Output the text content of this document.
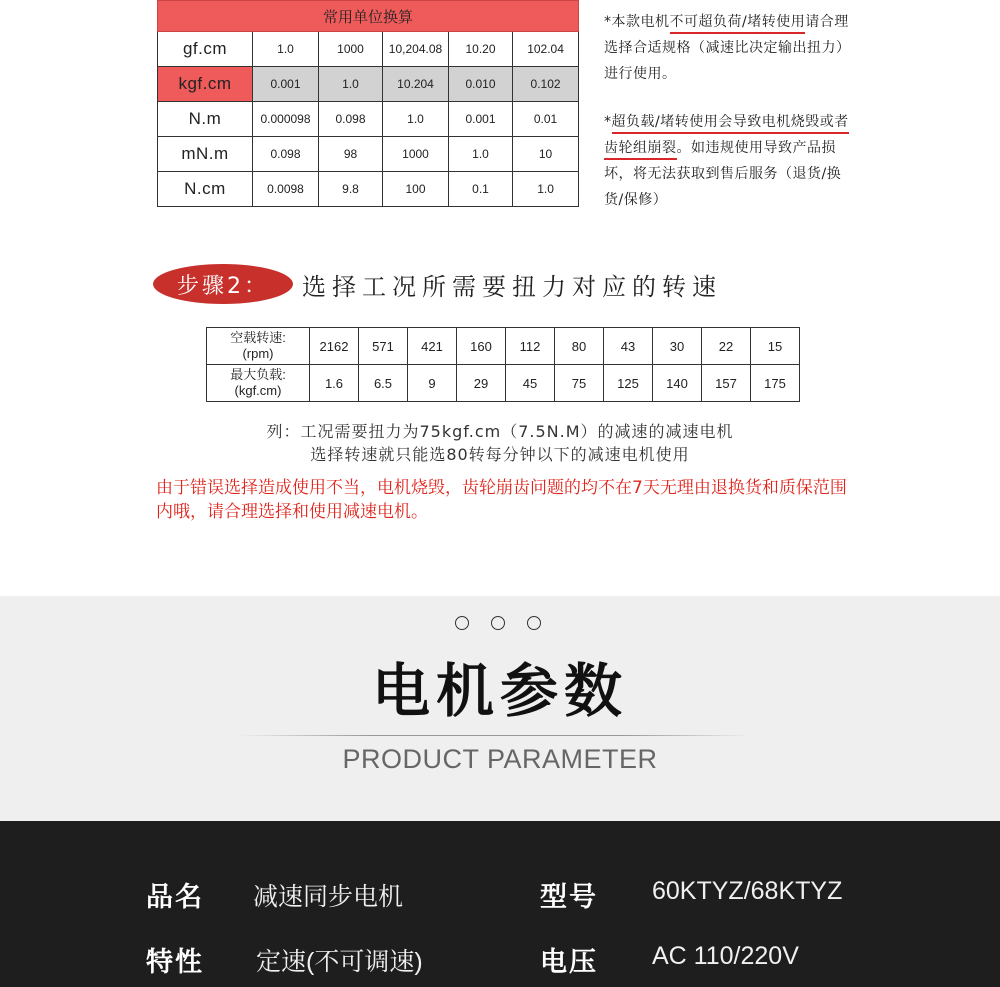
常用单位换算					
gf.cm	1.0	1000	10,204.08	10.20	102.04
kgf.cm	0.001	1.0	10.204	0.010	0.102
N.m	0.000098	0.098	1.0	0.001	0.01
mN.m	0.098	98	1000	1.0	10
N.cm	0.0098	9.8	100	0.1	1.0
*本款电机不可超负荷/堵转使用请合理选择合适规格（减速比决定输出扭力）进行使用。
*超负载/堵转使用会导致电机烧毁或者齿轮组崩裂。如违规使用导致产品损坏，将无法获取到售后服务（退货/换货/保修）
步骤2：	选择工况所需要扭力对应的转速
空载转速:
(rpm)	2162	571	421	160	112	80	43	30	22	15

最大负载:
(kgf.cm)	1.6	6.5	9	29	45	75	125	140	157	175
列：工况需要扭力为75kgf.cm（7.5N.M）的减速的减速电机
选择转速就只能选80转每分钟以下的减速电机使用
由于错误选择造成使用不当，电机烧毁，齿轮崩齿问题的均不在7天无理由退换货和质保范围内哦，请合理选择和使用减速电机。
电机参数
PRODUCT PARAMETER
品名 减速同步电机	型号 60KTYZ/68KTYZ
特性 定速(不可调速)	电压 AC 110/220V
